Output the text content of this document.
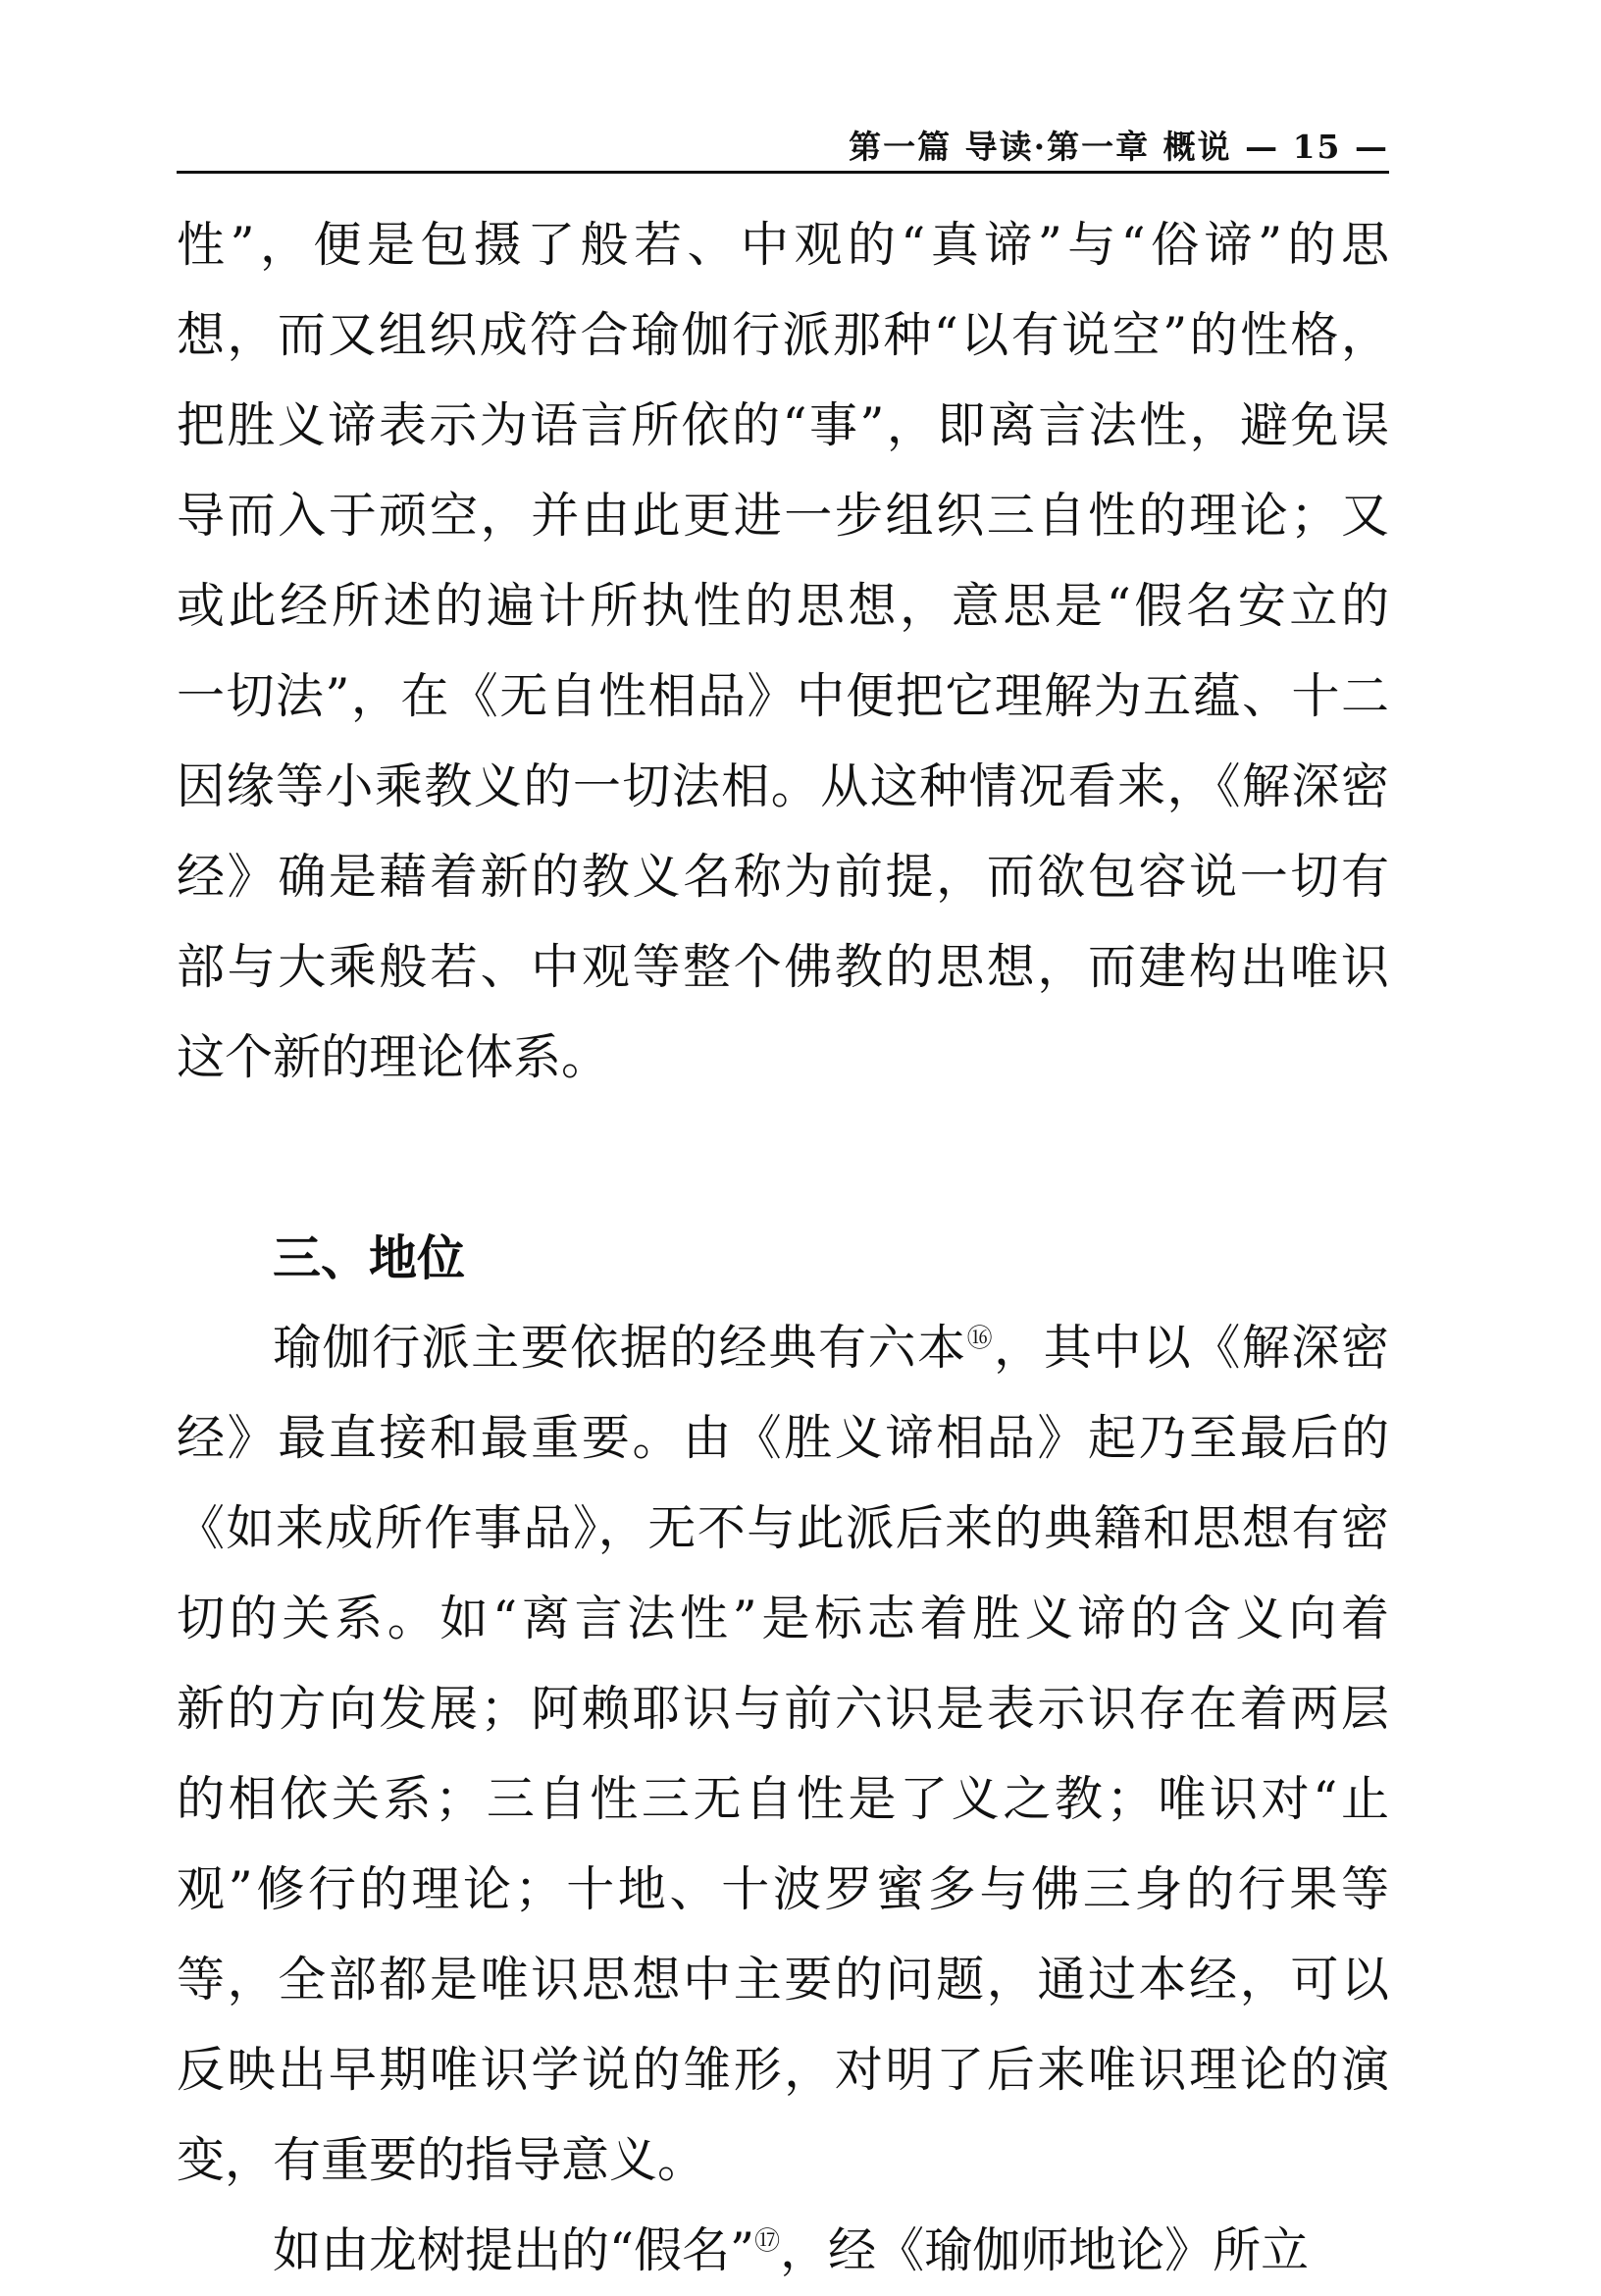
第一篇 导读·第一章 概说 — 15 —
性”，便是包摄了般若、中观的“真谛”与“俗谛”的思
想，而又组织成符合瑜伽行派那种“以有说空”的性格，
把胜义谛表示为语言所依的“事”，即离言法性，避免误
导而入于顽空，并由此更进一步组织三自性的理论；又
或此经所述的遍计所执性的思想，意思是“假名安立的
一切法”，在《无自性相品》中便把它理解为五蕴、十二
因缘等小乘教义的一切法相。从这种情况看来，《解深密
经》确是藉着新的教义名称为前提，而欲包容说一切有
部与大乘般若、中观等整个佛教的思想，而建构出唯识
这个新的理论体系。
三、地位
瑜伽行派主要依据的经典有六本⑯，其中以《解深密
经》最直接和最重要。由《胜义谛相品》起乃至最后的
《如来成所作事品》，无不与此派后来的典籍和思想有密
切的关系。如“离言法性”是标志着胜义谛的含义向着
新的方向发展；阿赖耶识与前六识是表示识存在着两层
的相依关系；三自性三无自性是了义之教；唯识对“止
观”修行的理论；十地、十波罗蜜多与佛三身的行果等
等，全部都是唯识思想中主要的问题，通过本经，可以
反映出早期唯识学说的雏形，对明了后来唯识理论的演
变，有重要的指导意义。
如由龙树提出的“假名”⑰，经《瑜伽师地论》所立
